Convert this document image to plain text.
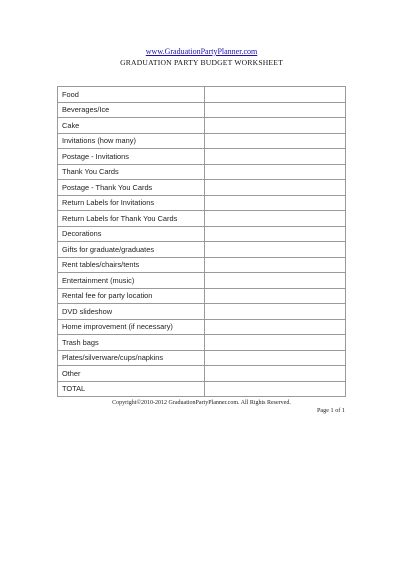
www.GraduationPartyPlanner.com
GRADUATION PARTY BUDGET WORKSHEET
Food	
Beverages/Ice	
Cake	
Invitations (how many)	
Postage - Invitations	
Thank You Cards	
Postage - Thank You Cards	
Return Labels for Invitations	
Return Labels for Thank You Cards	
Decorations	
Gifts for graduate/graduates	
Rent tables/chairs/tents	
Entertainment (music)	
Rental fee for party location	
DVD slideshow	
Home improvement (if necessary)	
Trash bags	
Plates/silverware/cups/napkins	
Other	
TOTAL	
Copyright©2010-2012 GraduationPartyPlanner.com. All Rights Reserved.
Page 1 of 1
